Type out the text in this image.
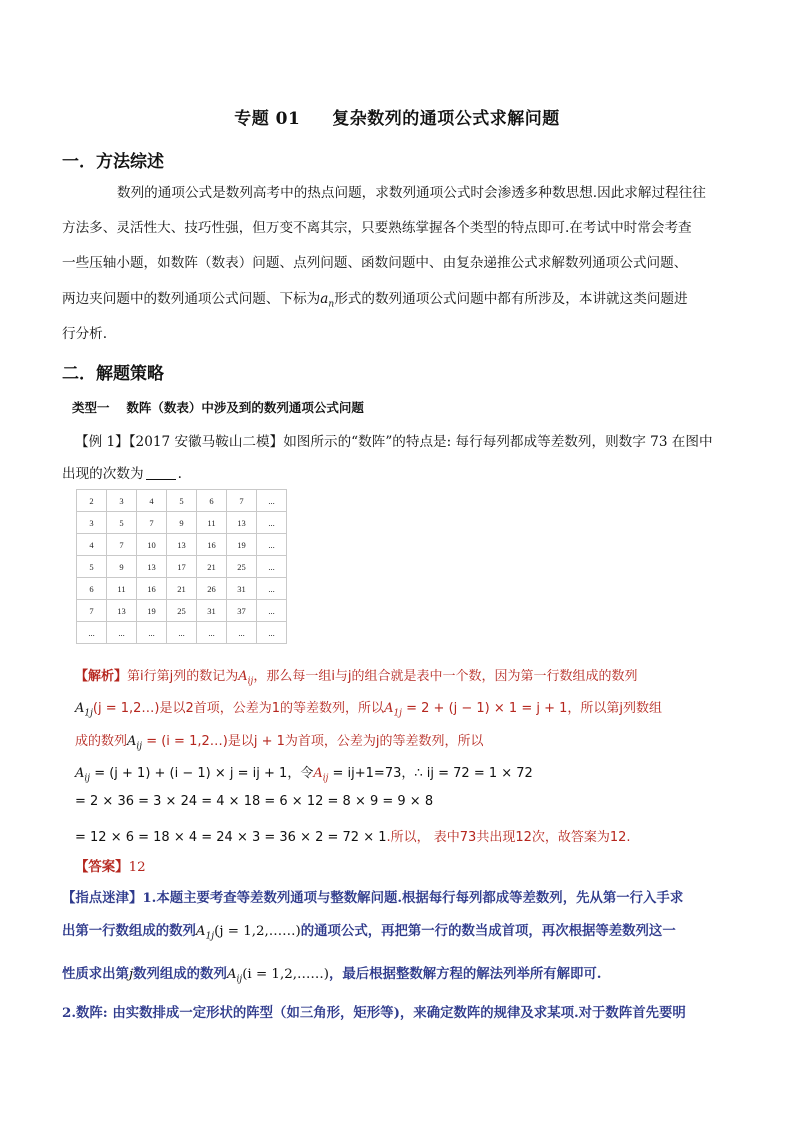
专题 01 复杂数列的通项公式求解问题
一．方法综述
数列的通项公式是数列高考中的热点问题，求数列通项公式时会渗透多种数思想.因此求解过程往往
方法多、灵活性大、技巧性强，但万变不离其宗，只要熟练掌握各个类型的特点即可.在考试中时常会考查
一些压轴小题，如数阵（数表）问题、点列问题、函数问题中、由复杂递推公式求解数列通项公式问题、
两边夹问题中的数列通项公式问题、下标为$a_n$形式的数列通项公式问题中都有所涉及，本讲就这类问题进
行分析.
二．解题策略
类型一　 数阵（数表）中涉及到的数列通项公式问题
【例 1】【2017 安徽马鞍山二模】如图所示的“数阵”的特点是: 每行每列都成等差数列，则数字 73 在图中
出现的次数为	.
2	3	4	5	6	7	...
3	5	7	9	11	13	...
4	7	10	13	16	19	...
5	9	13	17	21	25	...
6	11	16	21	26	31	...
7	13	19	25	31	37	...
...	...	...	...	...	...	...
【解析】第i行第j列的数记为$A_{ij}$，那么每一组i与j的组合就是表中一个数，因为第一行数组成的数列
$A_{1j}(j$ = 1,2…)是以2首项，公差为1的等差数列，所以$A_{1j} = 2 + (j - 1) \times 1 = j + 1$，所以第j列数组
成的数列$A_{ij} = (i$ = 1,2…)是以j + 1为首项，公差为j的等差数列，所以
$A_{ij} = (j + 1) + (i - 1) \times j$ = ij + 1，令$A_{ij} = ij+1=73$，∴ ij = 72 = 1 × 72
= 2 × 36 = 3 × 24 = 4 × 18 = 6 × 12 = 8 × 9 = 9 × 8
= 12 × 6 = 18 × 4 = 24 × 3 = 36 × 2 = 72 × 1.所以， 表中73共出现12次，故答案为12.
【答案】12
【指点迷津】1.本题主要考查等差数列通项与整数解问题.根据每行每列都成等差数列，先从第一行入手求
出第一行数组成的数列$A_{1j}(j$ = 1,2,……)的通项公式，再把第一行的数当成首项，再次根据等差数列这一
性质求出第j数列组成的数列$A_{ij}(i$ = 1,2,……)，最后根据整数解方程的解法列举所有解即可.
2.数阵: 由实数排成一定形状的阵型（如三角形，矩形等)，来确定数阵的规律及求某项.对于数阵首先要明
